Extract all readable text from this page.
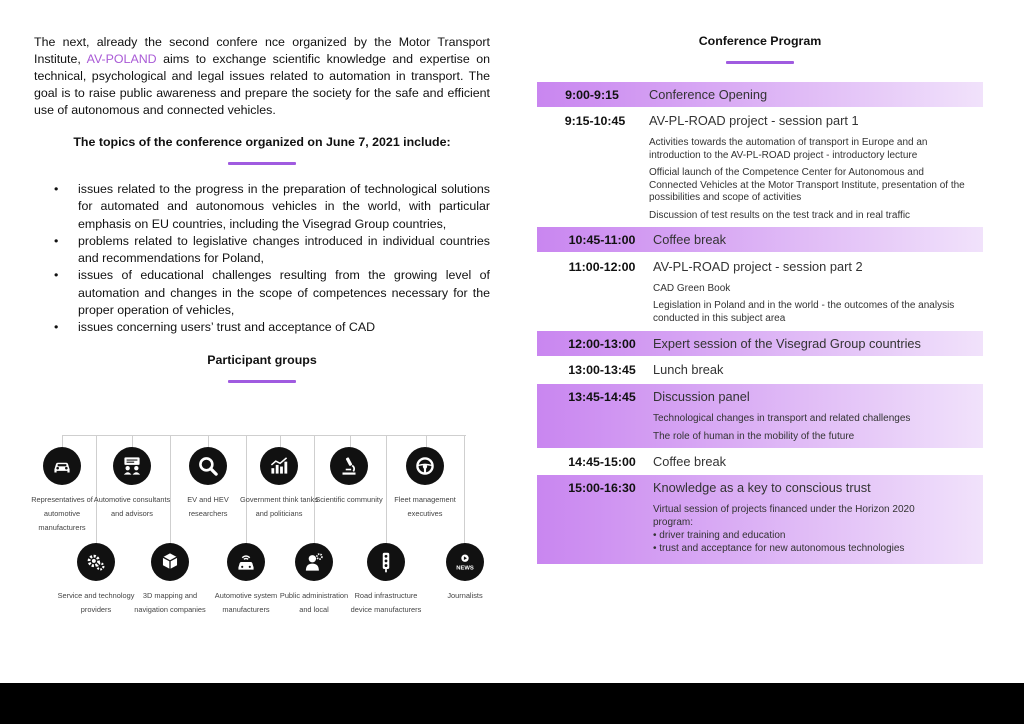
The next, already the second confere nce organized by the Motor Transport Institute, AV-POLAND aims to exchange scientific knowledge and expertise on technical, psychological and legal issues related to automation in transport. The goal is to raise public awareness and prepare the society for the safe and efficient use of autonomous and connected vehicles.

The topics of the conference organized on June 7, 2021 include:
• issues related to the progress in the preparation of technological solutions for automated and autonomous vehicles in the world, with particular emphasis on EU countries, including the Visegrad Group countries,
• problems related to legislative changes introduced in individual countries and recommendations for Poland,
• issues of educational challenges resulting from the growing level of automation and changes in the scope of competences necessary for the proper operation of vehicles,
• issues concerning users’ trust and acceptance of CAD
Participant groups
Representatives of automotive manufacturers
Automotive consultants and advisors
EV and HEV researchers
Government think tanks and politicians
Scientific community	Fleet management executives
Service and technology providers
3D mapping and navigation companies
Automotive system manufacturers
Public administration and local
Road infrastructure device manufacturers
NEWS
Journalists
Conference Program
9:00-9:15	Conference Opening
9:15-10:45	AV-PL-ROAD project - session part 1
Activities towards the automation of transport in Europe and an introduction to the AV-PL-ROAD project - introductory lecture
Official launch of the Competence Center for Autonomous and Connected Vehicles at the Motor Transport Institute, presentation of the possibilities and scope of activities
Discussion of test results on the test track and in real traffic
10:45-11:00	Coffee break
11:00-12:00	AV-PL-ROAD project - session part 2
CAD Green Book
Legislation in Poland and in the world - the outcomes of the analysis conducted in this subject area
12:00-13:00	Expert session of the Visegrad Group countries
13:00-13:45	Lunch break
13:45-14:45	Discussion panel
Technological changes in transport and related challenges
The role of human in the mobility of the future
14:45-15:00	Coffee break
15:00-16:30	Knowledge as a key to conscious trust
Virtual session of projects financed under the Horizon 2020 program:
• driver training and education
• trust and acceptance for new autonomous technologies
